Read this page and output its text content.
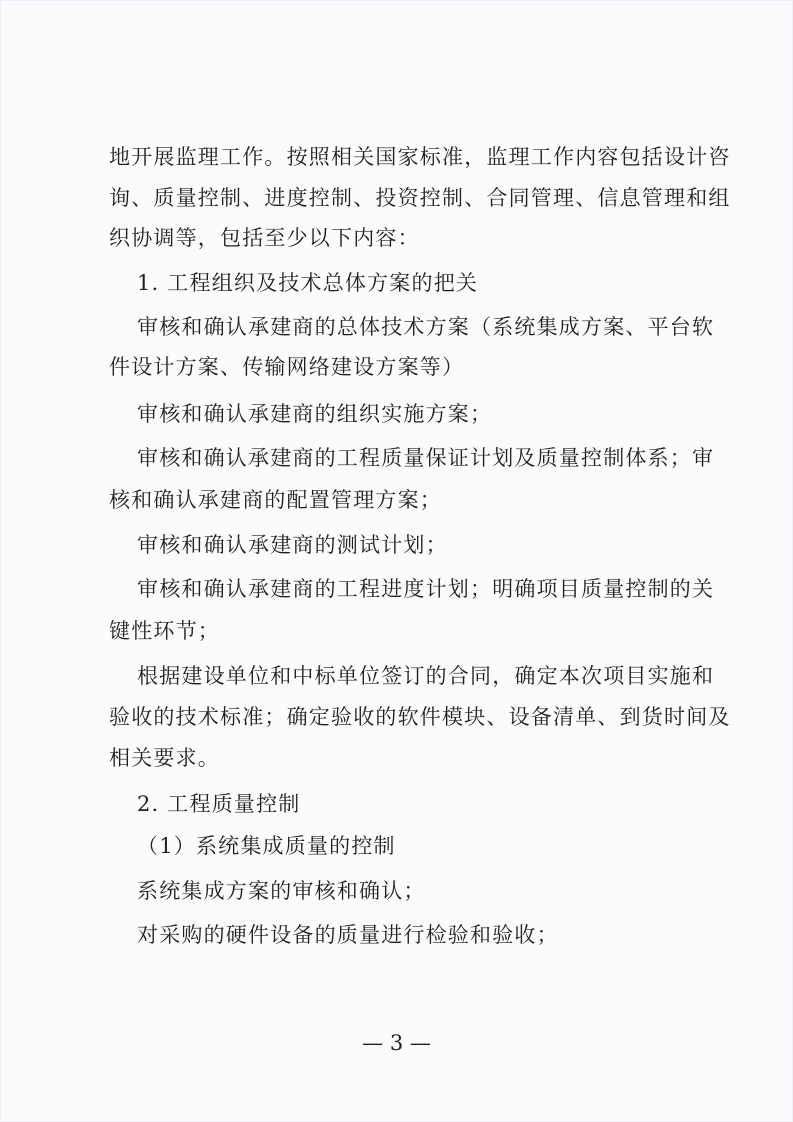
地开展监理工作。按照相关国家标准，监理工作内容包括设计咨
询、质量控制、进度控制、投资控制、合同管理、信息管理和组
织协调等，包括至少以下内容：
1. 工程组织及技术总体方案的把关
审核和确认承建商的总体技术方案（系统集成方案、平台软
件设计方案、传输网络建设方案等）
审核和确认承建商的组织实施方案；
审核和确认承建商的工程质量保证计划及质量控制体系；审
核和确认承建商的配置管理方案；
审核和确认承建商的测试计划；
审核和确认承建商的工程进度计划；明确项目质量控制的关
键性环节；
根据建设单位和中标单位签订的合同，确定本次项目实施和
验收的技术标准；确定验收的软件模块、设备清单、到货时间及
相关要求。
2. 工程质量控制
（1）系统集成质量的控制
系统集成方案的审核和确认；
对采购的硬件设备的质量进行检验和验收；
— 3 —
